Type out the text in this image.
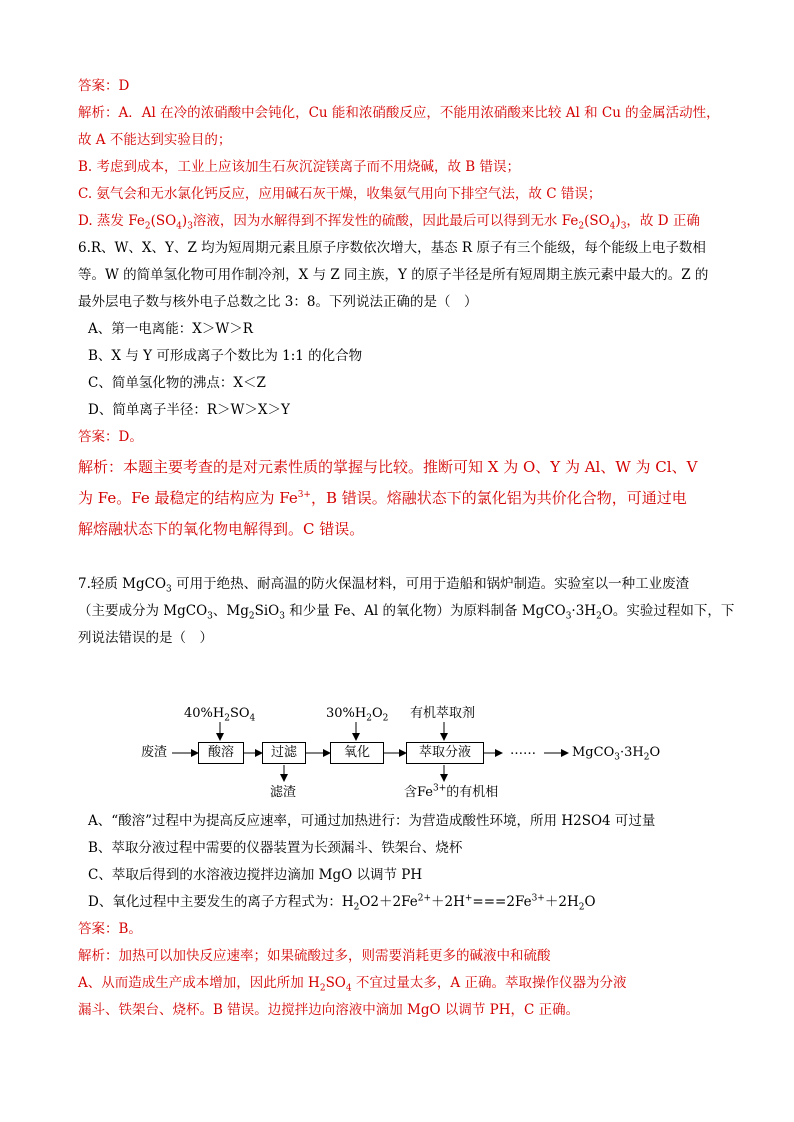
答案：D
解析：A．Al 在冷的浓硝酸中会钝化，Cu 能和浓硝酸反应，不能用浓硝酸来比较 Al 和 Cu 的金属活动性，
故 A 不能达到实验目的；
B. 考虑到成本，工业上应该加生石灰沉淀镁离子而不用烧碱，故 B 错误；
C. 氨气会和无水氯化钙反应，应用碱石灰干燥，收集氨气用向下排空气法，故 C 错误；
D. 蒸发 $Fe_2(SO_4)_3$溶液，因为水解得到不挥发性的硫酸，因此最后可以得到无水 $Fe_2(SO_4)_3$，故 D 正确
6.R、W、X、Y、Z 均为短周期元素且原子序数依次增大，基态 R 原子有三个能级，每个能级上电子数相
等。W 的简单氢化物可用作制冷剂，X 与 Z 同主族，Y 的原子半径是所有短周期主族元素中最大的。Z 的
最外层电子数与核外电子总数之比 3：8。下列说法正确的是（　）
A、第一电离能：X＞W＞R
B、X 与 Y 可形成离子个数比为 1:1 的化合物
C、简单氢化物的沸点：X＜Z
D、简单离子半径：R＞W＞X＞Y
答案：D。
解析：本题主要考查的是对元素性质的掌握与比较。推断可知 X 为 O、Y 为 Al、W 为 Cl、V
为 Fe。Fe 最稳定的结构应为 $Fe^{3+}$，B 错误。熔融状态下的氯化铝为共价化合物，可通过电
解熔融状态下的氧化物电解得到。C 错误。
7.轻质 MgCO$_3$ 可用于绝热、耐高温的防火保温材料，可用于造船和锅炉制造。实验室以一种工业废渣
（主要成分为 MgCO$_3$、$Mg_2SiO_3$ 和少量 Fe、Al 的氧化物）为原料制备 $MgCO_3\cdot 3H_2O$。实验过程如下，下
列说法错误的是（　）
废渣	酸溶	过滤	氧化	萃取分液	……	$MgCO_3\cdot 3H_2O$
$40\%H_2SO_4$	$30\%H_2O_2$ 有机萃取剂
滤渣	含$Fe^{3+}$的有机相
A、“酸溶”过程中为提高反应速率，可通过加热进行：为营造成酸性环境，所用 H2SO4 可过量
B、萃取分液过程中需要的仪器装置为长颈漏斗、铁架台、烧杯
C、萃取后得到的水溶液边搅拌边滴加 MgO 以调节 PH
D、氧化过程中主要发生的离子方程式为：$H_2O2+2Fe^{2+}+2H^+===2Fe^{3+}+2H_2O$
答案：B。
解析：加热可以加快反应速率；如果硫酸过多，则需要消耗更多的碱液中和硫酸
A、从而造成生产成本增加，因此所加 $H_2SO_4$ 不宜过量太多，A 正确。萃取操作仪器为分液
漏斗、铁架台、烧杯。B 错误。边搅拌边向溶液中滴加 MgO 以调节 PH，C 正确。
